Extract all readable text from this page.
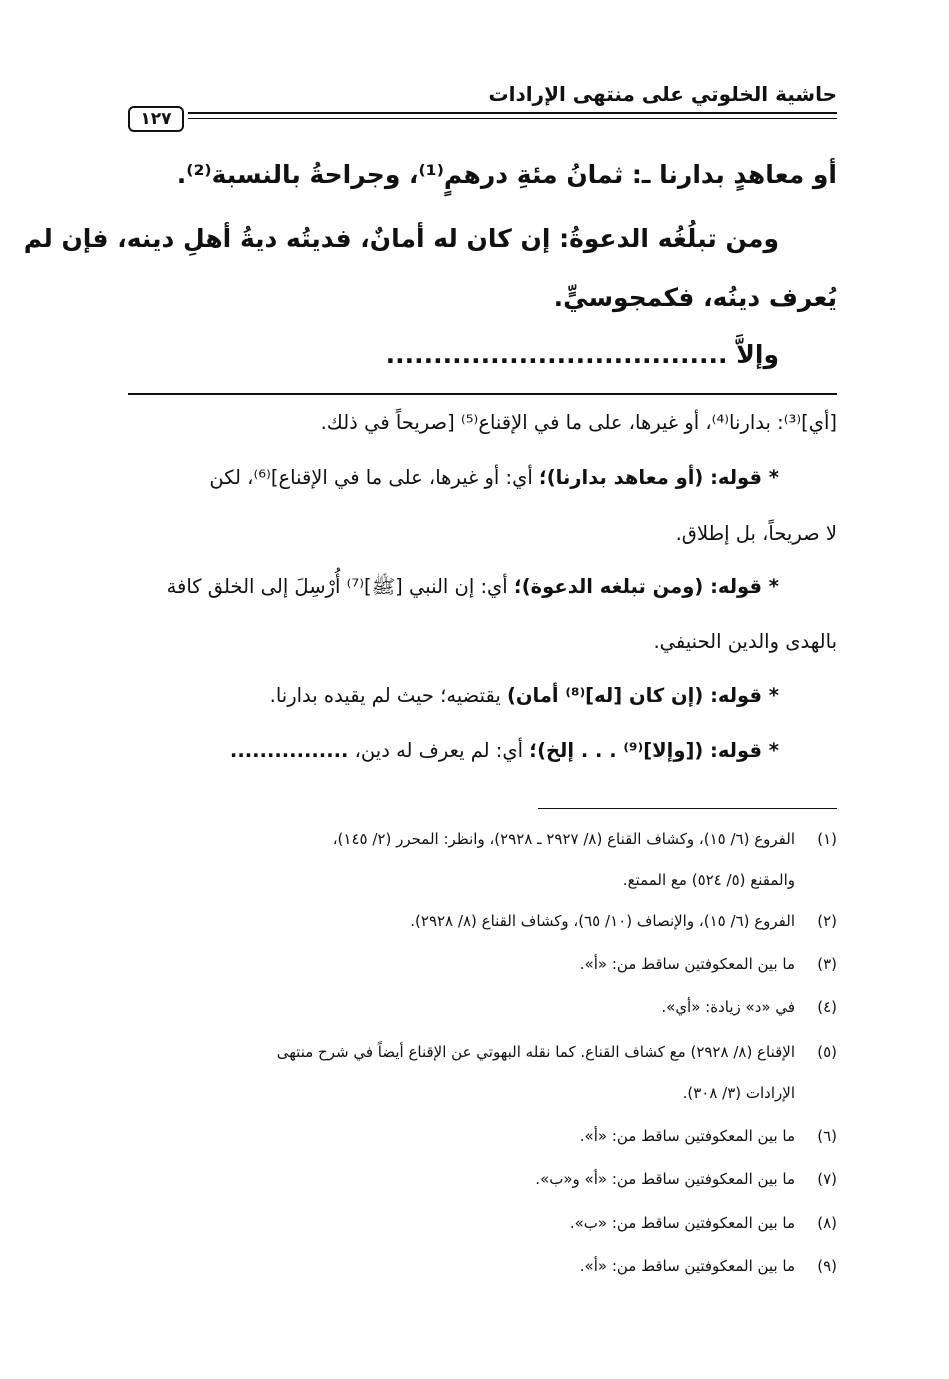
حاشية الخلوتي على منتهى الإرادات
١٢٧
أو معاهدٍ بدارنا ـ: ثمانُ مئةِ درهمٍ⁽¹⁾، وجراحةُ بالنسبة⁽²⁾.
ومن تبلُغُه الدعوةُ: إن كان له أمانٌ، فديتُه ديةُ أهلِ دينه، فإن لم
يُعرف دينُه، فكمجوسيٍّ.
وإلاَّ ....................................
[أي]⁽³⁾: بدارنا⁽⁴⁾، أو غيرها، على ما في الإقناع⁽⁵⁾ [صريحاً في ذلك.
* قوله: (أو معاهد بدارنا)؛ أي: أو غيرها، على ما في الإقناع]⁽⁶⁾، لكن
لا صريحاً، بل إطلاق.
* قوله: (ومن تبلغه الدعوة)؛ أي: إن النبي [ﷺ]⁽⁷⁾ أُرْسِلَ إلى الخلق كافة
بالهدى والدين الحنيفي.
* قوله: (إن كان [له]⁽⁸⁾ أمان) يقتضيه؛ حيث لم يقيده بدارنا.
* قوله: ([وإلا]⁽⁹⁾ . . . إلخ)؛ أي: لم يعرف له دين، ................
(١)الفروع (٦/ ١٥)، وكشاف القناع (٨/ ٢٩٢٧ ـ ٢٩٢٨)، وانظر: المحرر (٢/ ١٤٥)،
والمقنع (٥/ ٥٢٤) مع الممتع.
(٢)الفروع (٦/ ١٥)، والإنصاف (١٠/ ٦٥)، وكشاف القناع (٨/ ٢٩٢٨).
(٣)ما بين المعكوفتين ساقط من: «أ».
(٤)في «د» زيادة: «أي».
(٥)الإقناع (٨/ ٢٩٢٨) مع كشاف القناع. كما نقله البهوتي عن الإقناع أيضاً في شرح منتهى
الإرادات (٣/ ٣٠٨).
(٦)ما بين المعكوفتين ساقط من: «أ».
(٧)ما بين المعكوفتين ساقط من: «أ» و«ب».
(٨)ما بين المعكوفتين ساقط من: «ب».
(٩)ما بين المعكوفتين ساقط من: «أ».
